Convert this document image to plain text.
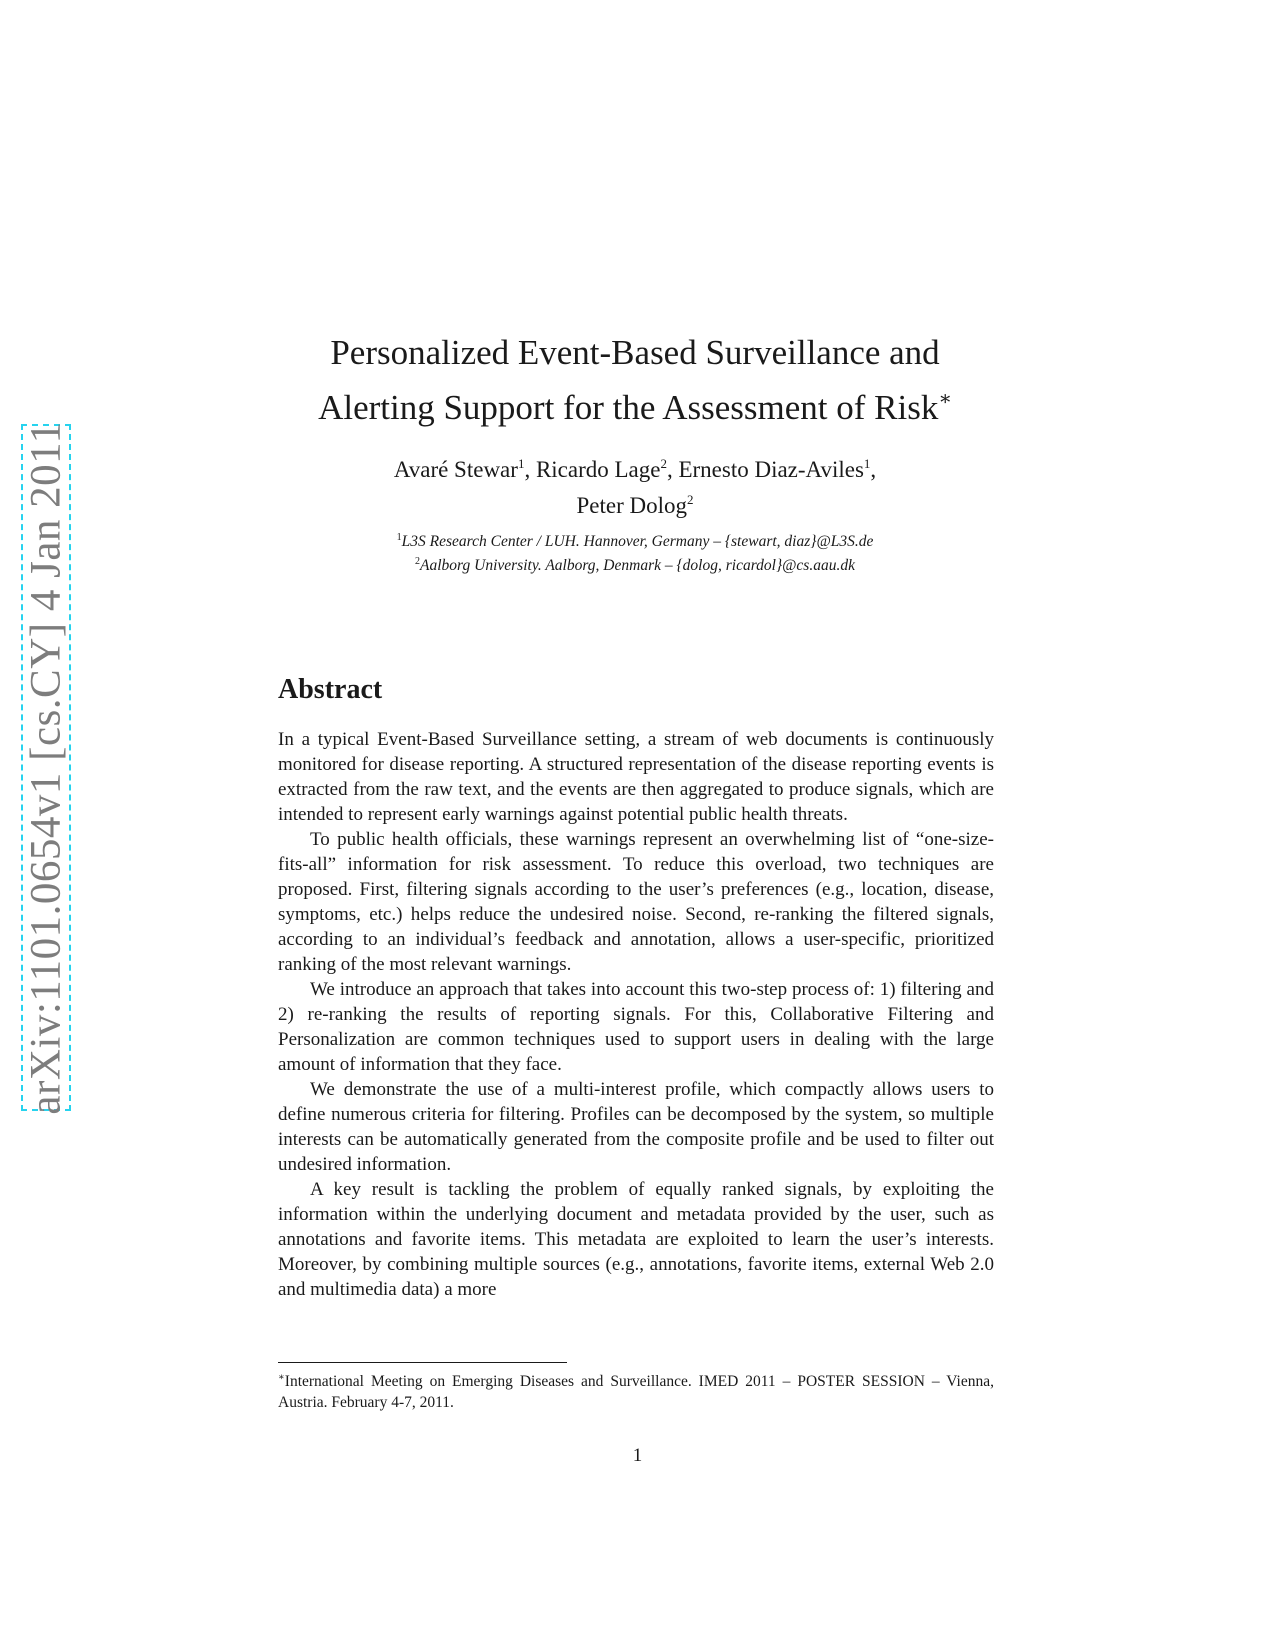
arXiv:1101.0654v1 [cs.CY] 4 Jan 2011
Personalized Event-Based Surveillance and
Alerting Support for the Assessment of Risk∗
Avaré Stewar$^1$, Ricardo Lage$^2$, Ernesto Diaz-Aviles$^1$,
Peter Dolog$^2$
$^1$L3S Research Center / LUH. Hannover, Germany – {stewart, diaz}@L3S.de
$^2$Aalborg University. Aalborg, Denmark – {dolog, ricardol}@cs.aau.dk
Abstract

In a typical Event-Based Surveillance setting, a stream of web documents is continuously monitored for disease reporting. A structured representation of the disease reporting events is extracted from the raw text, and the events are then aggregated to produce signals, which are intended to represent early warnings against potential public health threats.

To public health officials, these warnings represent an overwhelming list of “one-size-fits-all” information for risk assessment. To reduce this overload, two techniques are proposed. First, filtering signals according to the user’s preferences (e.g., location, disease, symptoms, etc.) helps reduce the undesired noise. Second, re-ranking the filtered signals, according to an individual’s feedback and annotation, allows a user-specific, prioritized ranking of the most relevant warnings.

We introduce an approach that takes into account this two-step process of: 1) filtering and 2) re-ranking the results of reporting signals. For this, Collaborative Filtering and Personalization are common techniques used to support users in dealing with the large amount of information that they face.

We demonstrate the use of a multi-interest profile, which compactly allows users to define numerous criteria for filtering. Profiles can be decomposed by the system, so multiple interests can be automatically generated from the composite profile and be used to filter out undesired information.

A key result is tackling the problem of equally ranked signals, by exploiting the information within the underlying document and metadata provided by the user, such as annotations and favorite items. This metadata are exploited to learn the user’s interests. Moreover, by combining multiple sources (e.g., annotations, favorite items, external Web 2.0 and multimedia data) a more

∗International Meeting on Emerging Diseases and Surveillance. IMED 2011 – POSTER SESSION – Vienna, Austria. February 4-7, 2011.
1
